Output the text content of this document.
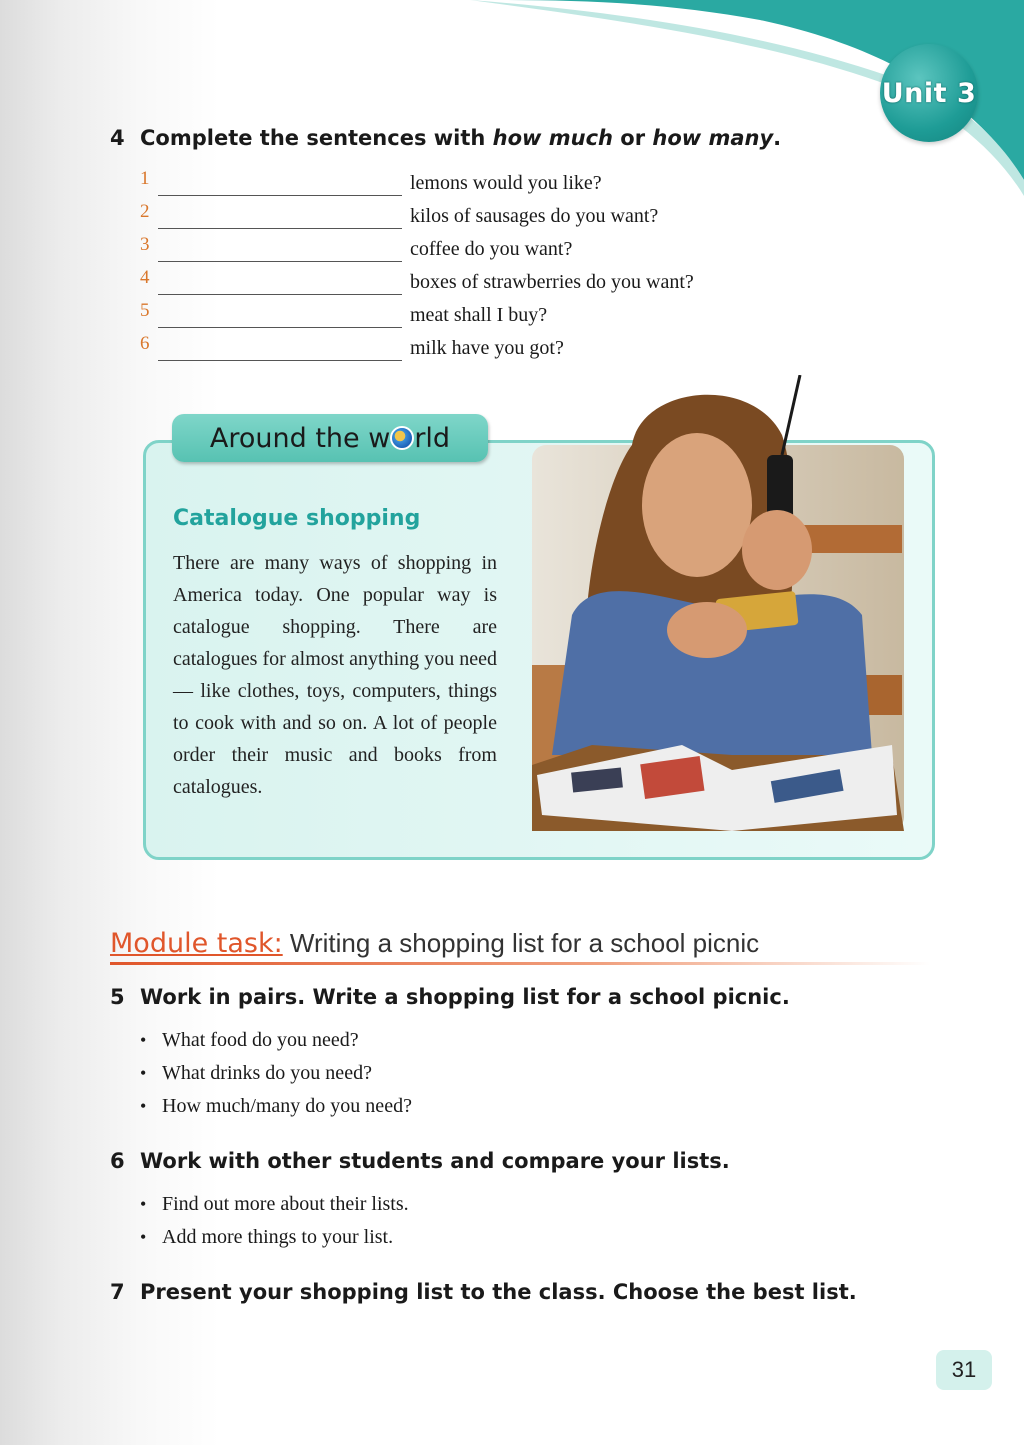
Unit 3
4 Complete the sentences with how much or how many.
1	lemons would you like?
2	kilos of sausages do you want?
3	coffee do you want?
4	boxes of strawberries do you want?
5	meat shall I buy?
6	milk have you got?
Around the w rld
Catalogue shopping
There are many ways of shopping in America today. One popular way is catalogue shopping. There are catalogues for almost anything you need — like clothes, toys, computers, things to cook with and so on. A lot of people order their music and books from catalogues.
Module task: Writing a shopping list for a school picnic
5 Work in pairs. Write a shopping list for a school picnic.
• What food do you need?
• What drinks do you need?
• How much/many do you need?
6 Work with other students and compare your lists.
• Find out more about their lists.
• Add more things to your list.
7 Present your shopping list to the class. Choose the best list.
31
